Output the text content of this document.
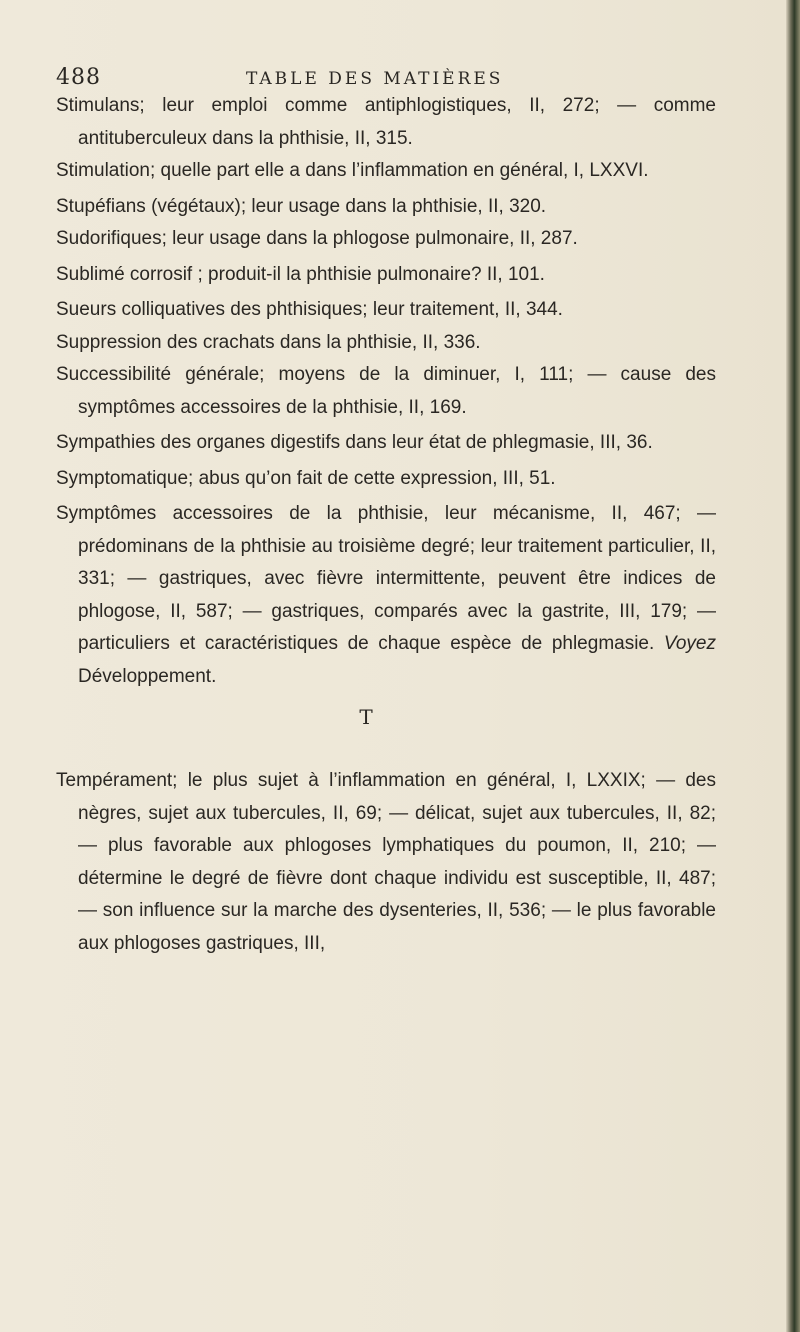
488	TABLE DES MATIÈRES
Stimulans; leur emploi comme antiphlogistiques, II, 272; — comme antituberculeux dans la phthisie, II, 315.
Stimulation; quelle part elle a dans l’inflammation en général, I, LXXVI.
Stupéfians (végétaux); leur usage dans la phthisie, II, 320.
Sudorifiques; leur usage dans la phlogose pulmonaire, II, 287.
Sublimé corrosif ; produit-il la phthisie pulmonaire? II, 101.
Sueurs colliquatives des phthisiques; leur traitement, II, 344.
Suppression des crachats dans la phthisie, II, 336.
Successibilité générale; moyens de la diminuer, I, 111; — cause des symptômes accessoires de la phthisie, II, 169.
Sympathies des organes digestifs dans leur état de phlegmasie, III, 36.
Symptomatique; abus qu’on fait de cette expression, III, 51.
Symptômes accessoires de la phthisie, leur mécanisme, II, 467; — prédominans de la phthisie au troisième degré; leur traitement particulier, II, 331; — gastriques, avec fièvre intermittente, peuvent être indices de phlogose, II, 587; — gastriques, comparés avec la gastrite, III, 179; — particuliers et caractéristiques de chaque espèce de phlegmasie. Voyez Développement.
T
Tempérament; le plus sujet à l’inflammation en général, I, LXXIX; — des nègres, sujet aux tubercules, II, 69; — délicat, sujet aux tubercules, II, 82; — plus favorable aux phlogoses lymphatiques du poumon, II, 210; — détermine le degré de fièvre dont chaque individu est susceptible, II, 487; — son influence sur la marche des dysenteries, II, 536; — le plus favorable aux phlogoses gastriques, III,
